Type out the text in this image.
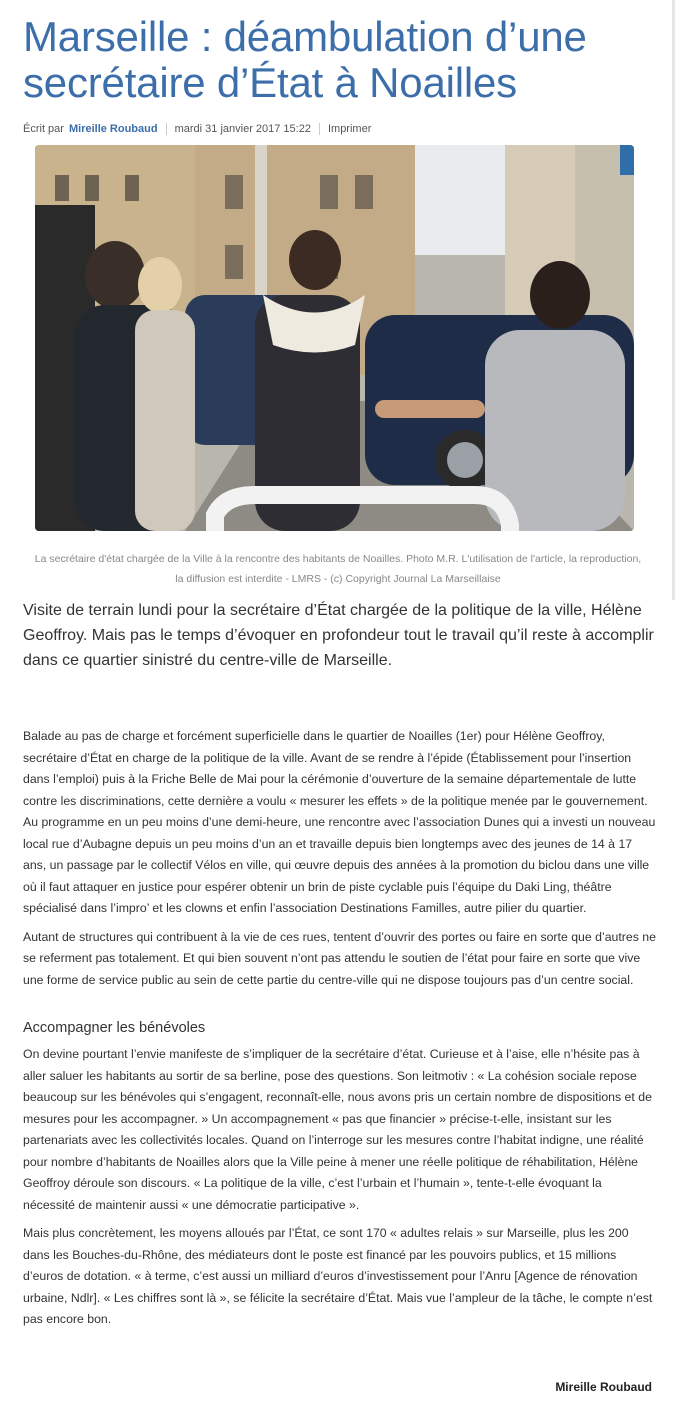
Marseille : déambulation d’une secrétaire d’État à Noailles
Écrit par Mireille Roubaud mardi 31 janvier 2017 15:22 Imprimer
La secrétaire d'état chargée de la Ville à la rencontre des habitants de Noailles. Photo M.R. L'utilisation de l'article, la reproduction,
la diffusion est interdite - LMRS - (c) Copyright Journal La Marseillaise
Visite de terrain lundi pour la secrétaire d’État chargée de la politique de la ville, Hélène Geoffroy. Mais pas le temps d’évoquer en profondeur tout le travail qu’il reste à accomplir dans ce quartier sinistré du centre-ville de Marseille.

Balade au pas de charge et forcément superficielle dans le quartier de Noailles (1er) pour Hélène Geoffroy, secrétaire d’État en charge de la politique de la ville. Avant de se rendre à l’épide (Établissement pour l’insertion dans l’emploi) puis à la Friche Belle de Mai pour la cérémonie d’ouverture de la semaine départementale de lutte contre les discriminations, cette dernière a voulu « mesurer les effets » de la politique menée par le gouvernement. Au programme en un peu moins d’une demi-heure, une rencontre avec l’association Dunes qui a investi un nouveau local rue d’Aubagne depuis un peu moins d’un an et travaille depuis bien longtemps avec des jeunes de 14 à 17 ans, un passage par le collectif Vélos en ville, qui œuvre depuis des années à la promotion du biclou dans une ville où il faut attaquer en justice pour espérer obtenir un brin de piste cyclable puis l’équipe du Daki Ling, théâtre spécialisé dans l’impro’ et les clowns et enfin l’association Destinations Familles, autre pilier du quartier.

Autant de structures qui contribuent à la vie de ces rues, tentent d’ouvrir des portes ou faire en sorte que d’autres ne se referment pas totalement. Et qui bien souvent n’ont pas attendu le soutien de l’état pour faire en sorte que vive une forme de service public au sein de cette partie du centre-ville qui ne dispose toujours pas d’un centre social.

Accompagner les bénévoles

On devine pourtant l’envie manifeste de s’impliquer de la secrétaire d’état. Curieuse et à l’aise, elle n’hésite pas à aller saluer les habitants au sortir de sa berline, pose des questions. Son leitmotiv : « La cohésion sociale repose beaucoup sur les bénévoles qui s’engagent, reconnaît-elle, nous avons pris un certain nombre de dispositions et de mesures pour les accompagner. » Un accompagnement « pas que financier » précise-t-elle, insistant sur les partenariats avec les collectivités locales. Quand on l’interroge sur les mesures contre l’habitat indigne, une réalité pour nombre d’habitants de Noailles alors que la Ville peine à mener une réelle politique de réhabilitation, Hélène Geoffroy déroule son discours. « La politique de la ville, c’est l’urbain et l’humain », tente-t-elle évoquant la nécessité de maintenir aussi « une démocratie participative ».

Mais plus concrètement, les moyens alloués par l’État, ce sont 170 « adultes relais » sur Marseille, plus les 200 dans les Bouches-du-Rhône, des médiateurs dont le poste est financé par les pouvoirs publics, et 15 millions d’euros de dotation. « à terme, c’est aussi un milliard d’euros d’investissement pour l’Anru [Agence de rénovation urbaine, Ndlr]. « Les chiffres sont là », se félicite la secrétaire d’État. Mais vue l’ampleur de la tâche, le compte n’est pas encore bon.

Mireille Roubaud
